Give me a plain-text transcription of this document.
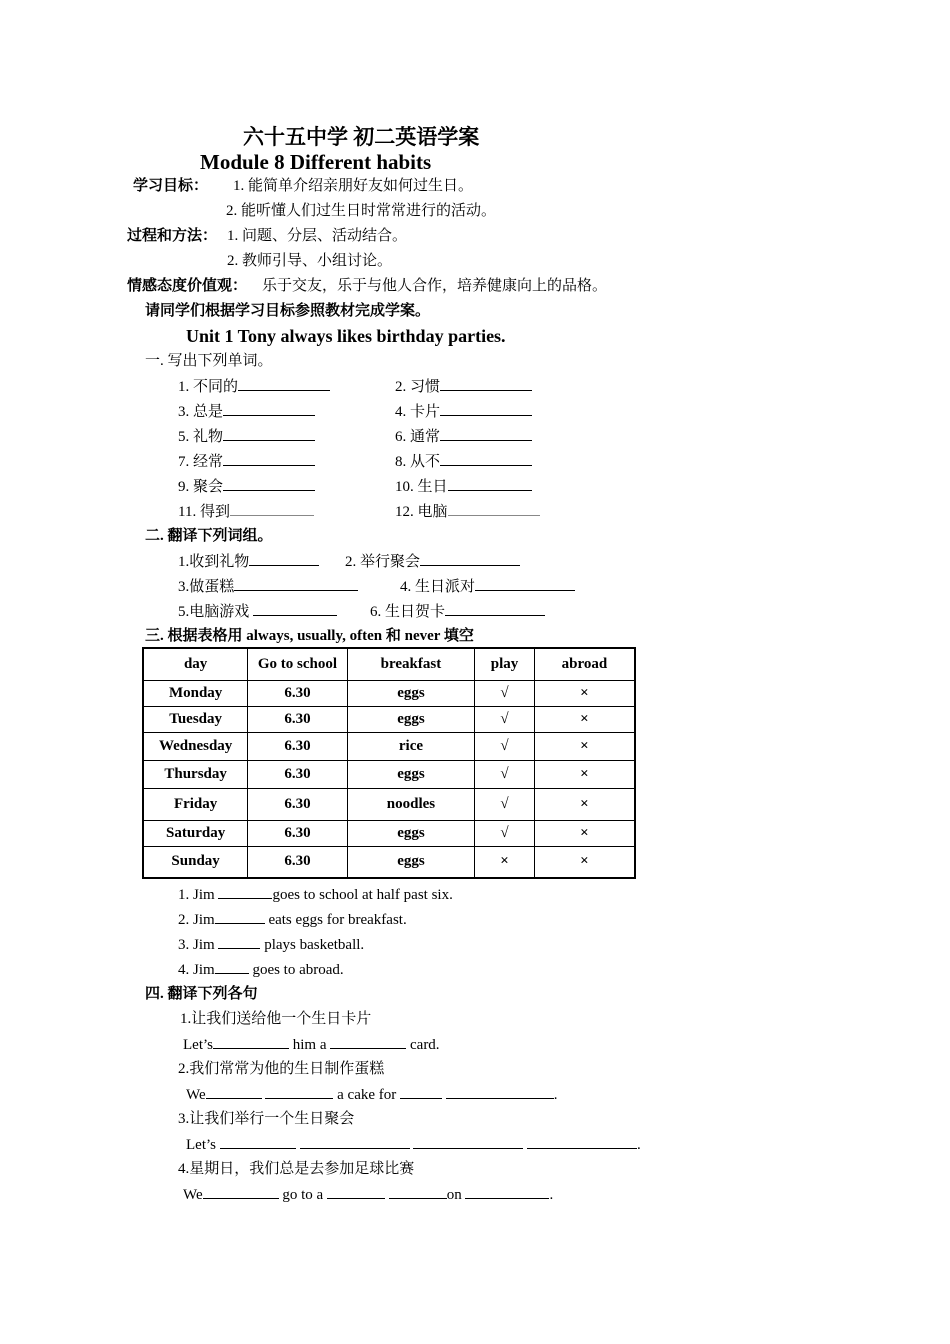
六十五中学 初二英语学案
Module 8 Different habits
学习目标： 1. 能简单介绍亲朋好友如何过生日。
2. 能听懂人们过生日时常常进行的活动。
过程和方法： 1. 问题、分层、活动结合。
2. 教师引导、小组讨论。
情感态度价值观： 乐于交友，乐于与他人合作，培养健康向上的品格。
请同学们根据学习目标参照教材完成学案。
Unit 1 Tony always likes birthday parties.
一. 写出下列单词。
1. 不同的	2. 习惯
3. 总是	4. 卡片
5. 礼物	6. 通常
7. 经常	8. 从不
9. 聚会	10. 生日
11. 得到	12. 电脑
二. 翻译下列词组。
1.收到礼物	2. 举行聚会
3.做蛋糕	4. 生日派对
5.电脑游戏	6. 生日贺卡
三. 根据表格用 always, usually, often 和 never 填空
day	Go to school	breakfast	play	abroad
Monday	6.30	eggs	√	×
Tuesday	6.30	eggs	√	×
Wednesday	6.30	rice	√	×
Thursday	6.30	eggs	√	×
Friday	6.30	noodles	√	×
Saturday	6.30	eggs	√	×
Sunday	6.30	eggs	×	×
1. Jim	goes to school at half past six.
2. Jim	eats eggs for breakfast.
3. Jim	plays basketball.
4. Jim goes to abroad.
四. 翻译下列各句
1.让我们送给他一个生日卡片
Let’s	him a	card.
2.我们常常为他的生日制作蛋糕
We	a cake for	.
3.让我们举行一个生日聚会
Let’s	.
4.星期日，我们总是去参加足球比赛
We	go to a	on	.
